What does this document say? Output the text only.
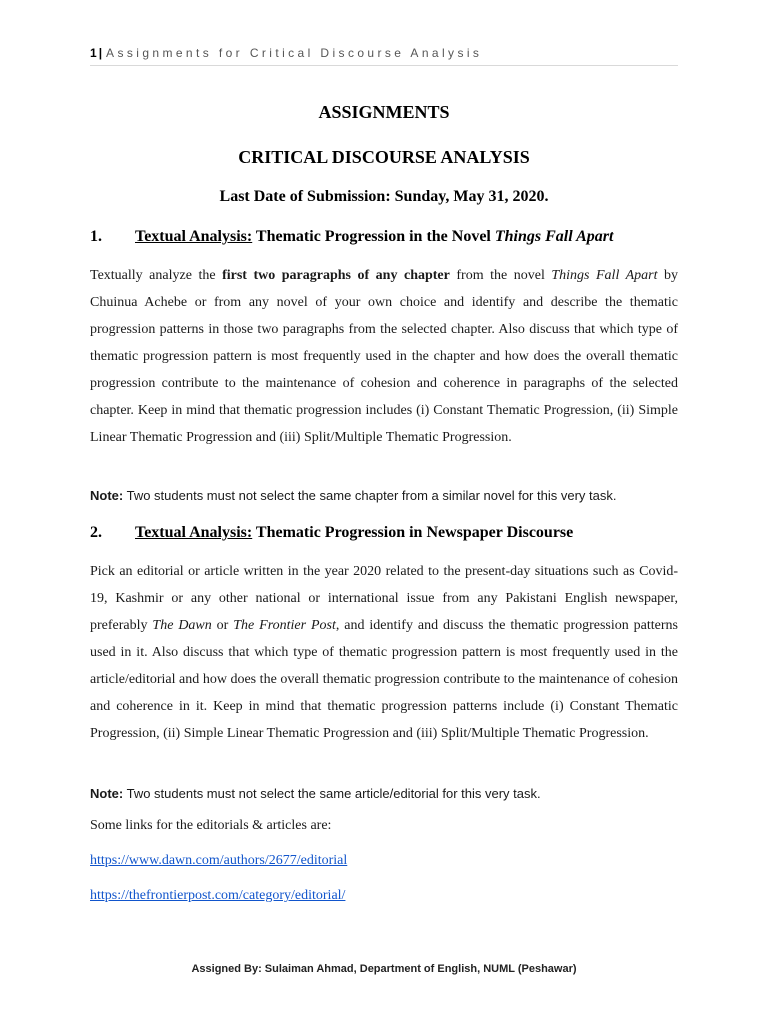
1 | Assignments for Critical Discourse Analysis
ASSIGNMENTS
CRITICAL DISCOURSE ANALYSIS
Last Date of Submission: Sunday, May 31, 2020.
1. Textual Analysis: Thematic Progression in the Novel Things Fall Apart
Textually analyze the first two paragraphs of any chapter from the novel Things Fall Apart by Chuinua Achebe or from any novel of your own choice and identify and describe the thematic progression patterns in those two paragraphs from the selected chapter. Also discuss that which type of thematic progression pattern is most frequently used in the chapter and how does the overall thematic progression contribute to the maintenance of cohesion and coherence in paragraphs of the selected chapter. Keep in mind that thematic progression includes (i) Constant Thematic Progression, (ii) Simple Linear Thematic Progression and (iii) Split/Multiple Thematic Progression.
Note: Two students must not select the same chapter from a similar novel for this very task.
2. Textual Analysis: Thematic Progression in Newspaper Discourse
Pick an editorial or article written in the year 2020 related to the present-day situations such as Covid-19, Kashmir or any other national or international issue from any Pakistani English newspaper, preferably The Dawn or The Frontier Post, and identify and discuss the thematic progression patterns used in it. Also discuss that which type of thematic progression pattern is most frequently used in the article/editorial and how does the overall thematic progression contribute to the maintenance of cohesion and coherence in it. Keep in mind that thematic progression patterns include (i) Constant Thematic Progression, (ii) Simple Linear Thematic Progression and (iii) Split/Multiple Thematic Progression.
Note: Two students must not select the same article/editorial for this very task.
Some links for the editorials & articles are:
https://www.dawn.com/authors/2677/editorial
https://thefrontierpost.com/category/editorial/
Assigned By: Sulaiman Ahmad, Department of English, NUML (Peshawar)
